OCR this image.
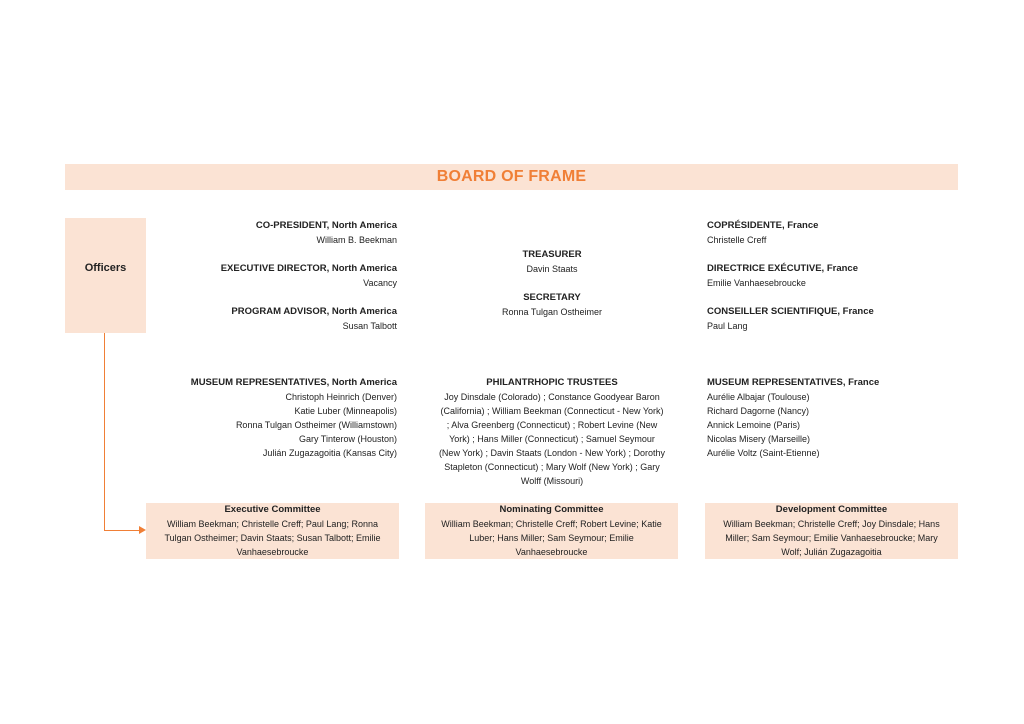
BOARD OF FRAME
Officers
CO-PRESIDENT, North America
William B. Beekman
EXECUTIVE DIRECTOR, North America
Vacancy
PROGRAM ADVISOR, North America
Susan Talbott
TREASURER
Davin Staats
SECRETARY
Ronna Tulgan Ostheimer
COPRÉSIDENTE, France
Christelle Creff
DIRECTRICE EXÉCUTIVE, France
Emilie Vanhaesebroucke
CONSEILLER SCIENTIFIQUE, France
Paul Lang
MUSEUM REPRESENTATIVES, North America
Christoph Heinrich (Denver)
Katie Luber (Minneapolis)
Ronna Tulgan Ostheimer (Williamstown)
Gary Tinterow (Houston)
Julián Zugazagoitia (Kansas City)
PHILANTRHOPIC TRUSTEES
Joy Dinsdale (Colorado) ; Constance Goodyear Baron
(California) ; William Beekman (Connecticut - New York)
; Alva Greenberg (Connecticut) ; Robert Levine (New
York) ; Hans Miller (Connecticut) ; Samuel Seymour
(New York) ; Davin Staats (London - New York) ; Dorothy
Stapleton (Connecticut) ; Mary Wolf (New York) ; Gary
Wolff (Missouri)
MUSEUM REPRESENTATIVES, France
Aurélie Albajar (Toulouse)
Richard Dagorne (Nancy)
Annick Lemoine (Paris)
Nicolas Misery (Marseille)
Aurélie Voltz (Saint-Etienne)
Executive Committee
William Beekman; Christelle Creff; Paul Lang; Ronna
Tulgan Ostheimer; Davin Staats; Susan Talbott; Emilie
Vanhaesebroucke
Nominating Committee
William Beekman; Christelle Creff; Robert Levine; Katie
Luber; Hans Miller; Sam Seymour; Emilie
Vanhaesebroucke
Development Committee
William Beekman; Christelle Creff; Joy Dinsdale; Hans
Miller; Sam Seymour; Emilie Vanhaesebroucke; Mary
Wolf; Julián Zugazagoitia
